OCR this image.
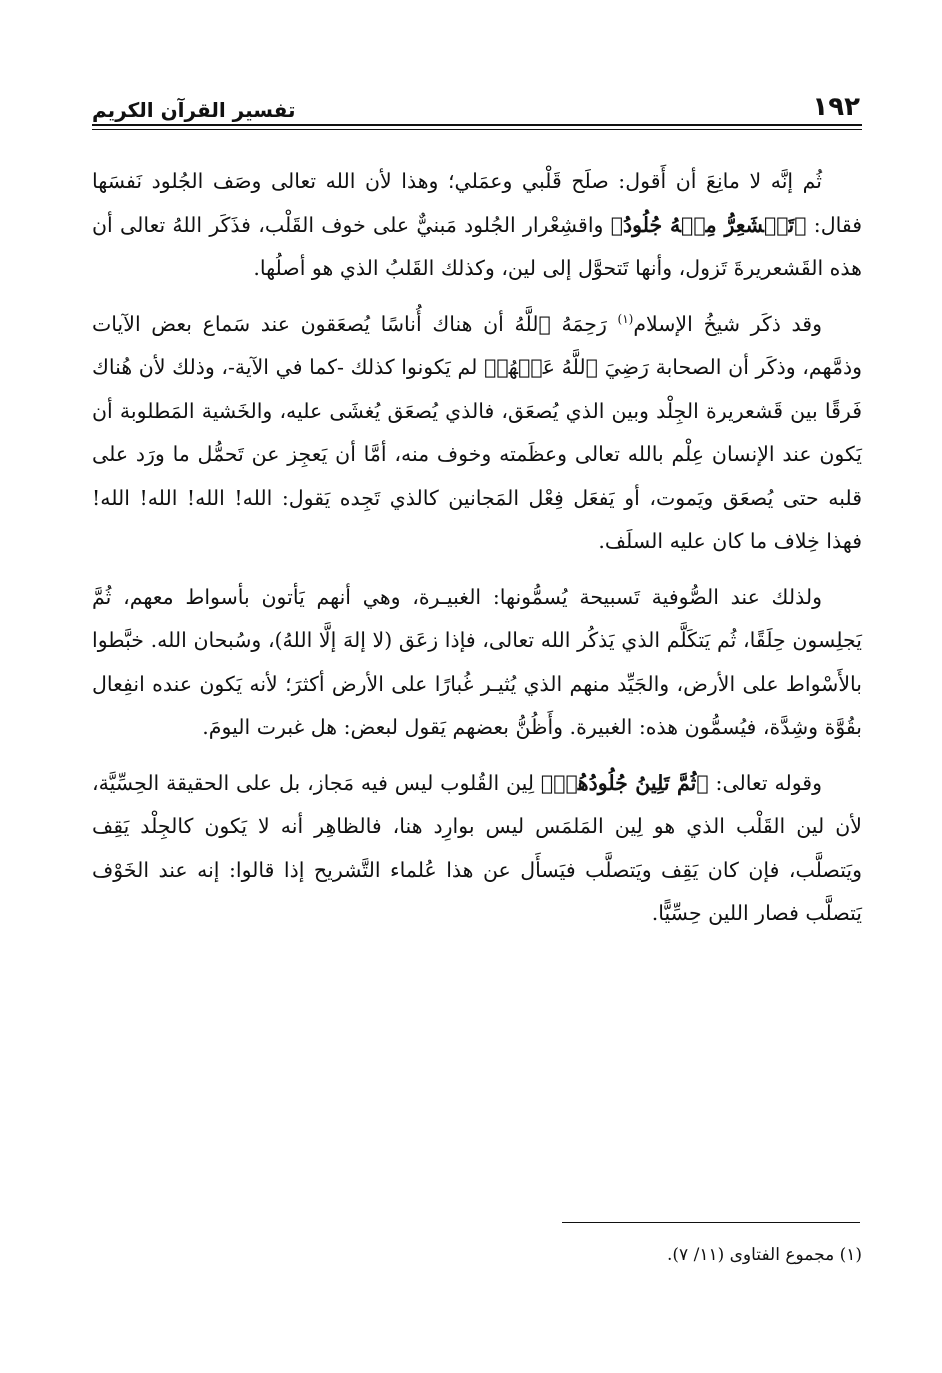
١٩٢
تفسير القرآن الكريم

ثُم إنَّه لا مانِعَ أن أَقول: صلَح قَلْبي وعمَلي؛ وهذا لأن الله تعالى وصَف الجُلود نَفسَها فقال: ﴿تَقۡشَعِرُّ مِنۡهُ جُلُودُ﴾ واقشِعْرار الجُلود مَبنيٌّ على خوف القَلْب، فذَكَر اللهُ تعالى أن هذه القَشعريرةَ تَزول، وأنها تَتحوَّل إلى لين، وكذلك القَلبُ الذي هو أصلُها.

وقد ذكَر شيخُ الإسلام$^{(١)}$ رَحِمَهُ ٱللَّهُ أن هناك أُناسًا يُصعَقون عند سَماع بعض الآيات وذمَّهم، وذكَر أن الصحابة رَضِيَ ٱللَّهُ عَنۡهُمۡ لم يَكونوا كذلك -كما في الآية-، وذلك لأن هُناك فَرقًا بين قَشعريرة الجِلْد وبين الذي يُصعَق، فالذي يُصعَق يُغشَى عليه، والخَشية المَطلوبة أن يَكون عند الإنسان عِلْم بالله تعالى وعظَمته وخوف منه، أمَّا أن يَعجِز عن تَحمُّل ما ورَد على قلبه حتى يُصعَق ويَموت، أو يَفعَل فِعْل المَجانين كالذي تَجِده يَقول: الله! الله! الله! الله! فهذا خِلاف ما كان عليه السلَف.

ولذلك عند الصُّوفية تَسبيحة يُسمُّونها: الغبيـرة، وهي أنهم يَأتون بأسواط معهم، ثُمَّ يَجلِسون حِلَقًا، ثُم يَتكَلَّم الذي يَذكُر الله تعالى، فإذا زعَق (لا إلهَ إلَّا اللهُ)، وسُبحان الله. خبَّطوا بالأَسْواط على الأرض، والجَيِّد منهم الذي يُثيـر غُبارًا على الأرض أكثرَ؛ لأنه يَكون عنده انفِعال بقُوَّة وشِدَّة، فيُسمُّون هذه: الغبيرة. وأَظُنُّ بعضهم يَقول لبعض: هل غبرت اليومَ.

وقوله تعالى: ﴿ثُمَّ تَلِينُ جُلُودُهُمۡ﴾ لِين القُلوب ليس فيه مَجاز، بل على الحقيقة الحِسِّيَّة، لأن لين القَلْب الذي هو لِين المَلمَس ليس بوارِد هنا، فالظاهِر أنه لا يَكون كالجِلْد يَقِف ويَتصلَّب، فإن كان يَقِف ويَتصلَّب فيَسأَل عن هذا عُلماء التَّشريح إذا قالوا: إنه عند الخَوْف يَتصلَّب فصار اللين حِسِّيًّا.

(١) مجموع الفتاوى (١١/ ٧).
